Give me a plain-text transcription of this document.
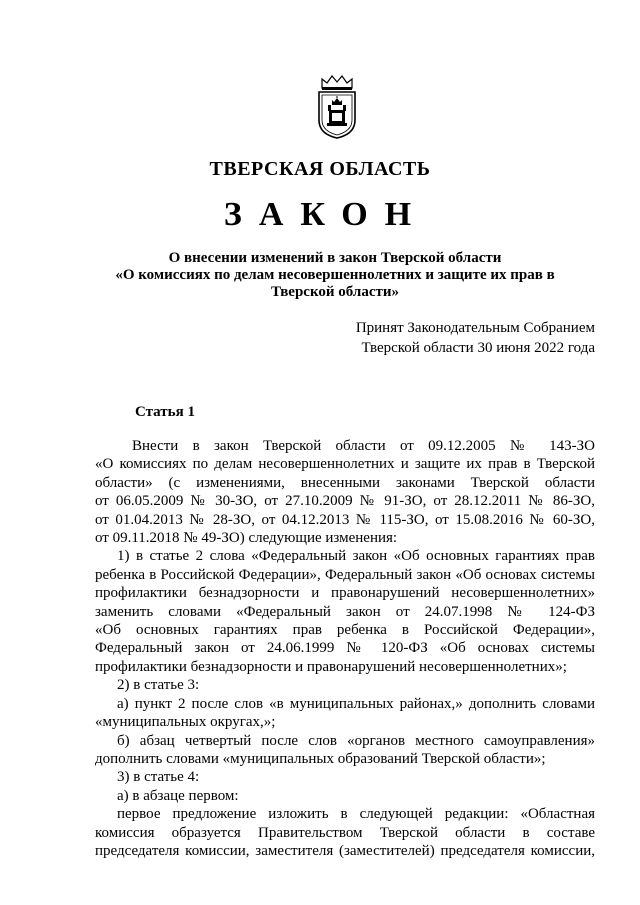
ТВЕРСКАЯ ОБЛАСТЬ
ЗАКОН
О внесении изменений в закон Тверской области
«О комиссиях по делам несовершеннолетних и защите их прав в
Тверской области»
Принят Законодательным Собранием
Тверской области 30 июня 2022 года
Статья 1
Внести в закон Тверской области от 09.12.2005 № 143-ЗО
«О комиссиях по делам несовершеннолетних и защите их прав в Тверской
области» (с изменениями, внесенными законами Тверской области
от 06.05.2009 № 30-ЗО, от 27.10.2009 № 91-ЗО, от 28.12.2011 № 86-ЗО,
от 01.04.2013 № 28-ЗО, от 04.12.2013 № 115-ЗО, от 15.08.2016 № 60-ЗО,
от 09.11.2018 № 49-ЗО) следующие изменения:
1) в статье 2 слова «Федеральный закон «Об основных гарантиях прав
ребенка в Российской Федерации», Федеральный закон «Об основах системы
профилактики безнадзорности и правонарушений несовершеннолетних»
заменить словами «Федеральный закон от 24.07.1998 № 124-ФЗ
«Об основных гарантиях прав ребенка в Российской Федерации»,
Федеральный закон от 24.06.1999 № 120-ФЗ «Об основах системы
профилактики безнадзорности и правонарушений несовершеннолетних»;
2) в статье 3:
а) пункт 2 после слов «в муниципальных районах,» дополнить словами
«муниципальных округах,»;
б) абзац четвертый после слов «органов местного самоуправления»
дополнить словами «муниципальных образований Тверской области»;
3) в статье 4:
а) в абзаце первом:
первое предложение изложить в следующей редакции: «Областная
комиссия образуется Правительством Тверской области в составе
председателя комиссии, заместителя (заместителей) председателя комиссии,
